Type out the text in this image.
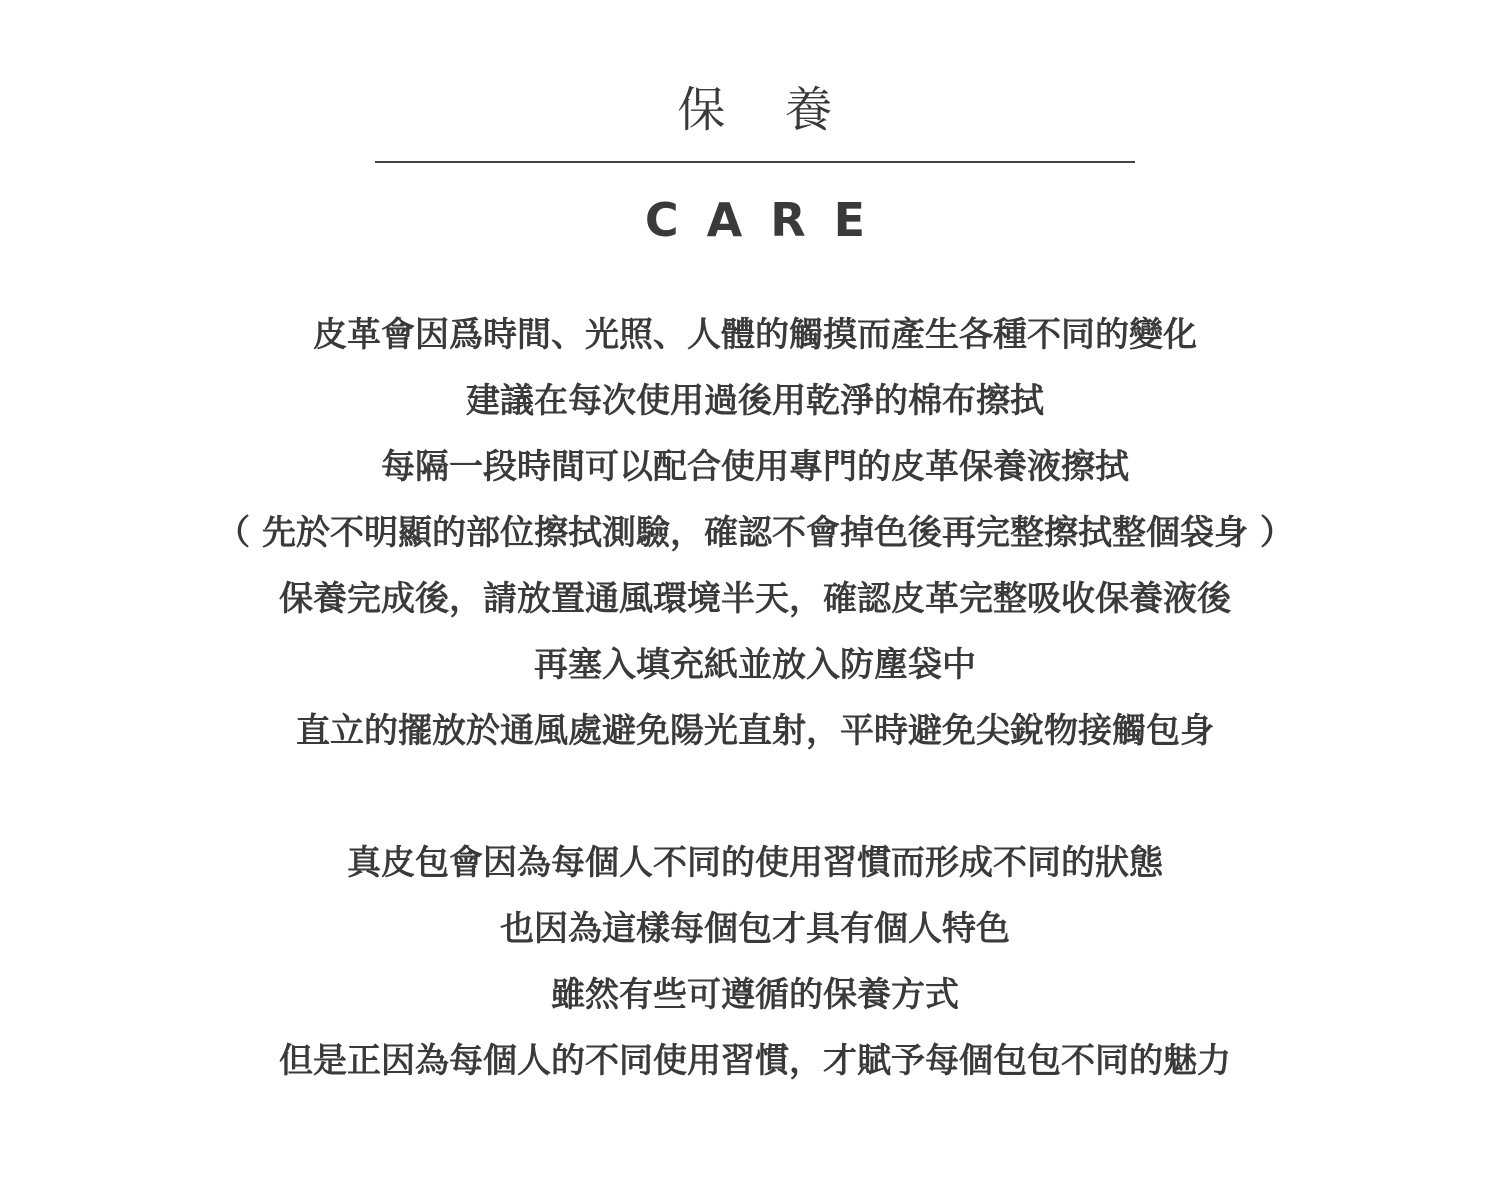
保 養
CARE
皮革會因爲時間、光照、人體的觸摸而產生各種不同的變化
建議在每次使用過後用乾淨的棉布擦拭
每隔一段時間可以配合使用專門的皮革保養液擦拭
（ 先於不明顯的部位擦拭測驗，確認不會掉色後再完整擦拭整個袋身 ）
保養完成後，請放置通風環境半天，確認皮革完整吸收保養液後
再塞入填充紙並放入防塵袋中
直立的擺放於通風處避免陽光直射，平時避免尖銳物接觸包身
真皮包會因為每個人不同的使用習慣而形成不同的狀態
也因為這樣每個包才具有個人特色
雖然有些可遵循的保養方式
但是正因為每個人的不同使用習慣，才賦予每個包包不同的魅力
